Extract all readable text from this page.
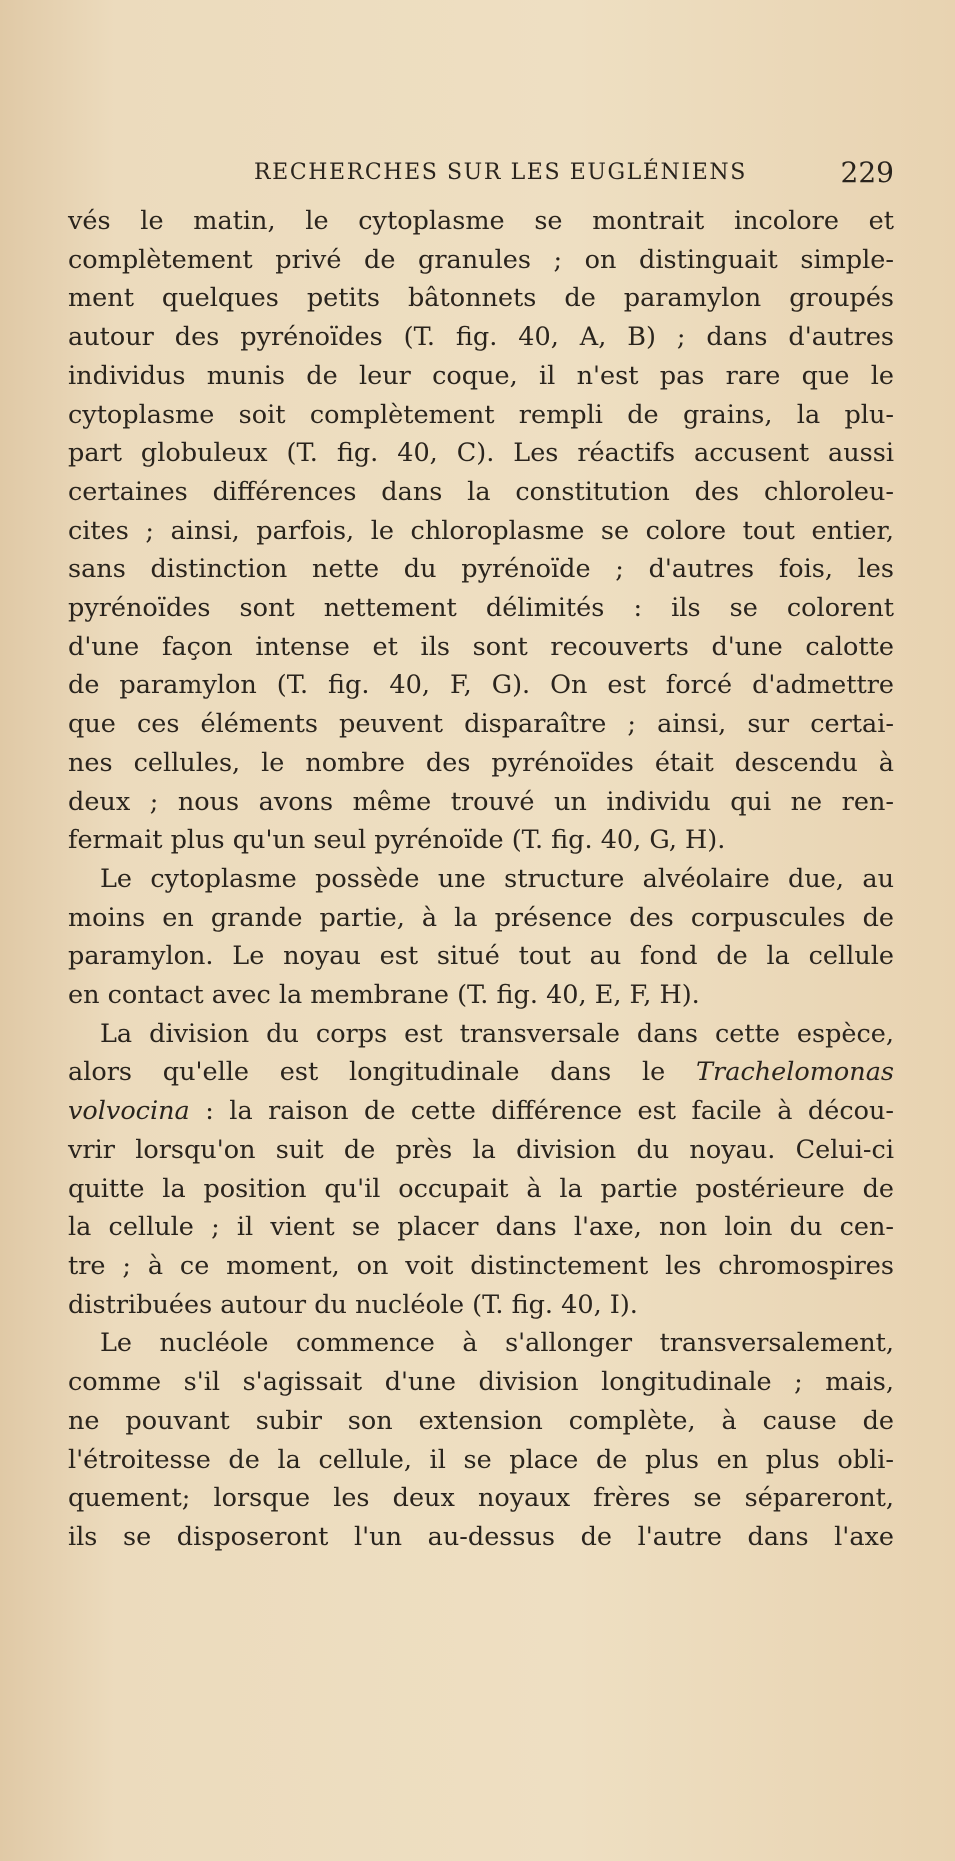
RECHERCHES SUR LES EUGLÉNIENS	229
vés le matin, le cytoplasme se montrait incolore et
complètement privé de granules ; on distinguait simple-
ment quelques petits bâtonnets de paramylon groupés
autour des pyrénoïdes (T. fig. 40, A, B) ; dans d'autres
individus munis de leur coque, il n'est pas rare que le
cytoplasme soit complètement rempli de grains, la plu-
part globuleux (T. fig. 40, C). Les réactifs accusent aussi
certaines différences dans la constitution des chloroleu-
cites ; ainsi, parfois, le chloroplasme se colore tout entier,
sans distinction nette du pyrénoïde ; d'autres fois, les
pyrénoïdes sont nettement délimités : ils se colorent
d'une façon intense et ils sont recouverts d'une calotte
de paramylon (T. fig. 40, F, G). On est forcé d'admettre
que ces éléments peuvent disparaître ; ainsi, sur certai-
nes cellules, le nombre des pyrénoïdes était descendu à
deux ; nous avons même trouvé un individu qui ne ren-
fermait plus qu'un seul pyrénoïde (T. fig. 40, G, H).
Le cytoplasme possède une structure alvéolaire due, au
moins en grande partie, à la présence des corpuscules de
paramylon. Le noyau est situé tout au fond de la cellule
en contact avec la membrane (T. fig. 40, E, F, H).
La division du corps est transversale dans cette espèce,
alors qu'elle est longitudinale dans le Trachelomonas
volvocina : la raison de cette différence est facile à décou-
vrir lorsqu'on suit de près la division du noyau. Celui-ci
quitte la position qu'il occupait à la partie postérieure de
la cellule ; il vient se placer dans l'axe, non loin du cen-
tre ; à ce moment, on voit distinctement les chromospires
distribuées autour du nucléole (T. fig. 40, I).
Le nucléole commence à s'allonger transversalement,
comme s'il s'agissait d'une division longitudinale ; mais,
ne pouvant subir son extension complète, à cause de
l'étroitesse de la cellule, il se place de plus en plus obli-
quement; lorsque les deux noyaux frères se sépareront,
ils se disposeront l'un au-dessus de l'autre dans l'axe
